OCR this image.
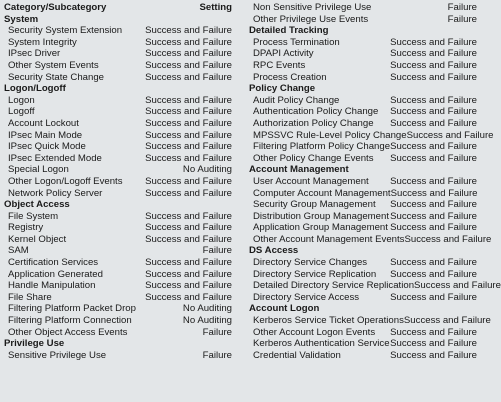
Category/Subcategory	Setting
System
Security System Extension Success and Failure
System Integrity	Success and Failure
IPsec Driver	Success and Failure
Other System Events	Success and Failure
Security State Change	Success and Failure
Logon/Logoff
Logon	Success and Failure
Logoff	Success and Failure
Account Lockout	Success and Failure
IPsec Main Mode	Success and Failure
IPsec Quick Mode	Success and Failure
IPsec Extended Mode	Success and Failure
Special Logon	No Auditing
Other Logon/Logoff Events Success and Failure
Network Policy Server	Success and Failure
Object Access
File System	Success and Failure
Registry	Success and Failure
Kernel Object	Success and Failure
SAM	Failure
Certification Services	Success and Failure
Application Generated	Success and Failure
Handle Manipulation	Success and Failure
File Share	Success and Failure
Filtering Platform Packet Drop	No Auditing
Filtering Platform Connection	No Auditing
Other Object Access Events	Failure
Privilege Use
Sensitive Privilege Use	Failure
Non Sensitive Privilege Use	Failure
Other Privilege Use Events	Failure
Detailed Tracking
Process Termination	Success and Failure
DPAPI Activity	Success and Failure
RPC Events	Success and Failure
Process Creation	Success and Failure
Policy Change
Audit Policy Change	Success and Failure
Authentication Policy Change Success and Failure
Authorization Policy Change Success and Failure
MPSSVC Rule-Level Policy Change Success and Failure
Filtering Platform Policy Change Success and Failure
Other Policy Change Events Success and Failure
Account Management
User Account Management Success and Failure
Computer Account Management Success and Failure
Security Group Management Success and Failure
Distribution Group Management Success and Failure
Application Group Management Success and Failure
Other Account Management Events Success and Failure
DS Access
Directory Service Changes Success and Failure
Directory Service Replication Success and Failure
Detailed Directory Service Replication Success and Failure
Directory Service Access	Success and Failure
Account Logon
Kerberos Service Ticket Operations Success and Failure
Other Account Logon Events Success and Failure
Kerberos Authentication Service Success and Failure
Credential Validation	Success and Failure
